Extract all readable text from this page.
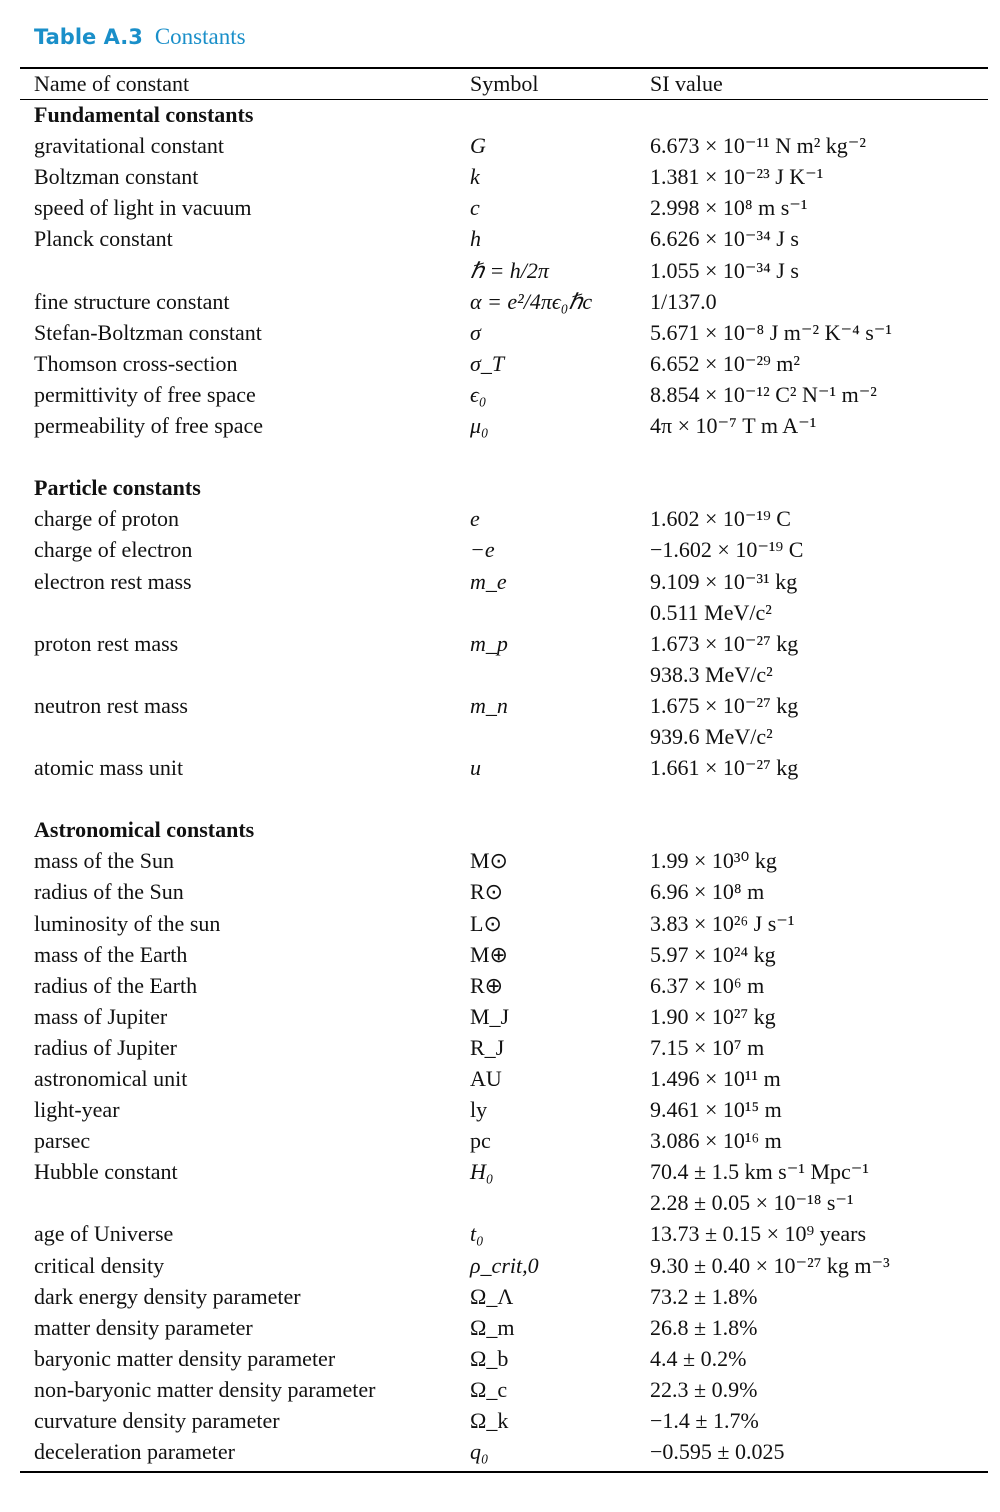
Table A.3 Constants
Name of constant	Symbol	SI value
Fundamental constants		
gravitational constant	G	6.673 × 10⁻¹¹ N m² kg⁻²
Boltzman constant	k	1.381 × 10⁻²³ J K⁻¹
speed of light in vacuum	c	2.998 × 10⁸ m s⁻¹
Planck constant	h	6.626 × 10⁻³⁴ J s
	ℏ = h/2π	1.055 × 10⁻³⁴ J s
fine structure constant	α = e²/4πϵ₀ℏc	1/137.0
Stefan-Boltzman constant	σ	5.671 × 10⁻⁸ J m⁻² K⁻⁴ s⁻¹
Thomson cross-section	σ_T	6.652 × 10⁻²⁹ m²
permittivity of free space	ϵ₀	8.854 × 10⁻¹² C² N⁻¹ m⁻²
permeability of free space	μ₀	4π × 10⁻⁷ T m A⁻¹

Particle constants		
charge of proton	e	1.602 × 10⁻¹⁹ C
charge of electron	−e	−1.602 × 10⁻¹⁹ C
electron rest mass	m_e	9.109 × 10⁻³¹ kg
		0.511 MeV/c²
proton rest mass	m_p	1.673 × 10⁻²⁷ kg
		938.3 MeV/c²
neutron rest mass	m_n	1.675 × 10⁻²⁷ kg
		939.6 MeV/c²
atomic mass unit	u	1.661 × 10⁻²⁷ kg

Astronomical constants		
mass of the Sun	M⊙	1.99 × 10³⁰ kg
radius of the Sun	R⊙	6.96 × 10⁸ m
luminosity of the sun	L⊙	3.83 × 10²⁶ J s⁻¹
mass of the Earth	M⊕	5.97 × 10²⁴ kg
radius of the Earth	R⊕	6.37 × 10⁶ m
mass of Jupiter	M_J	1.90 × 10²⁷ kg
radius of Jupiter	R_J	7.15 × 10⁷ m
astronomical unit	AU	1.496 × 10¹¹ m
light-year	ly	9.461 × 10¹⁵ m
parsec	pc	3.086 × 10¹⁶ m
Hubble constant	H₀	70.4 ± 1.5 km s⁻¹ Mpc⁻¹
		2.28 ± 0.05 × 10⁻¹⁸ s⁻¹
age of Universe	t₀	13.73 ± 0.15 × 10⁹ years
critical density	ρ_crit,0	9.30 ± 0.40 × 10⁻²⁷ kg m⁻³
dark energy density parameter	Ω_Λ	73.2 ± 1.8%
matter density parameter	Ω_m	26.8 ± 1.8%
baryonic matter density parameter	Ω_b	4.4 ± 0.2%
non-baryonic matter density parameter	Ω_c	22.3 ± 0.9%
curvature density parameter	Ω_k	−1.4 ± 1.7%
deceleration parameter	q₀	−0.595 ± 0.025
